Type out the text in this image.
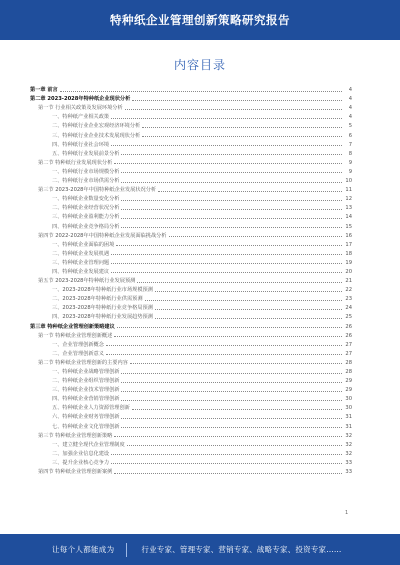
特种纸企业管理创新策略研究报告
内容目录
第一章 前言	4
第二章 2023-2028年特种纸企业现状分析	4
第一节 行业相关政策及发展环境分析	4
一、特种纸产业相关政策	4
二、特种纸行业企业宏观经济环境分析	5
三、特种纸行业企业技术发展现状分析	6
四、特种纸行业社会环境	7
五、特种纸行业发展前景分析	8
第二节 特种纸行业发展现状分析	9
一、特种纸行业市场规模分析	9
二、特种纸行业市场供需分析	10
第三节 2023-2028年中国特种纸企业发展状况分析	11
一、特种纸企业数量变化分析	12
二、特种纸企业经营状况分析	13
三、特种纸企业盈利能力分析	14
四、特种纸企业竞争格局分析	15
第四节 2022-2028年中国特种纸企业发展面临挑战分析	16
一、特种纸企业面临的困境	17
二、特种纸企业发展机遇	18
三、特种纸企业管理问题	19
四、特种纸企业发展建议	20
第五节 2023-2028年特种纸行业发展预测	21
一、2023-2028年特种纸行业市场规模预测	22
二、2023-2028年特种纸行业供需预测	23
三、2023-2028年特种纸行业竞争格局预测	24
四、2023-2028年特种纸行业发展趋势预测	25
第三章 特种纸企业管理创新策略建议	26
第一节 特种纸企业管理创新概述	26
一、企业管理创新概念	27
二、企业管理创新意义	27
第二节 特种纸企业管理创新的主要内容	28
一、特种纸企业战略管理创新	28
二、特种纸企业组织管理创新	29
三、特种纸企业技术管理创新	29
四、特种纸企业营销管理创新	30
五、特种纸企业人力资源管理创新	30
六、特种纸企业财务管理创新	31
七、特种纸企业文化管理创新	31
第三节 特种纸企业管理创新策略	32
一、建立健全现代企业管理制度	32
二、加强企业信息化建设	32
三、提升企业核心竞争力	33
第四节 特种纸企业管理创新案例	33
1
让每个人都能成为	行业专家、管理专家、营销专家、战略专家、投资专家……
